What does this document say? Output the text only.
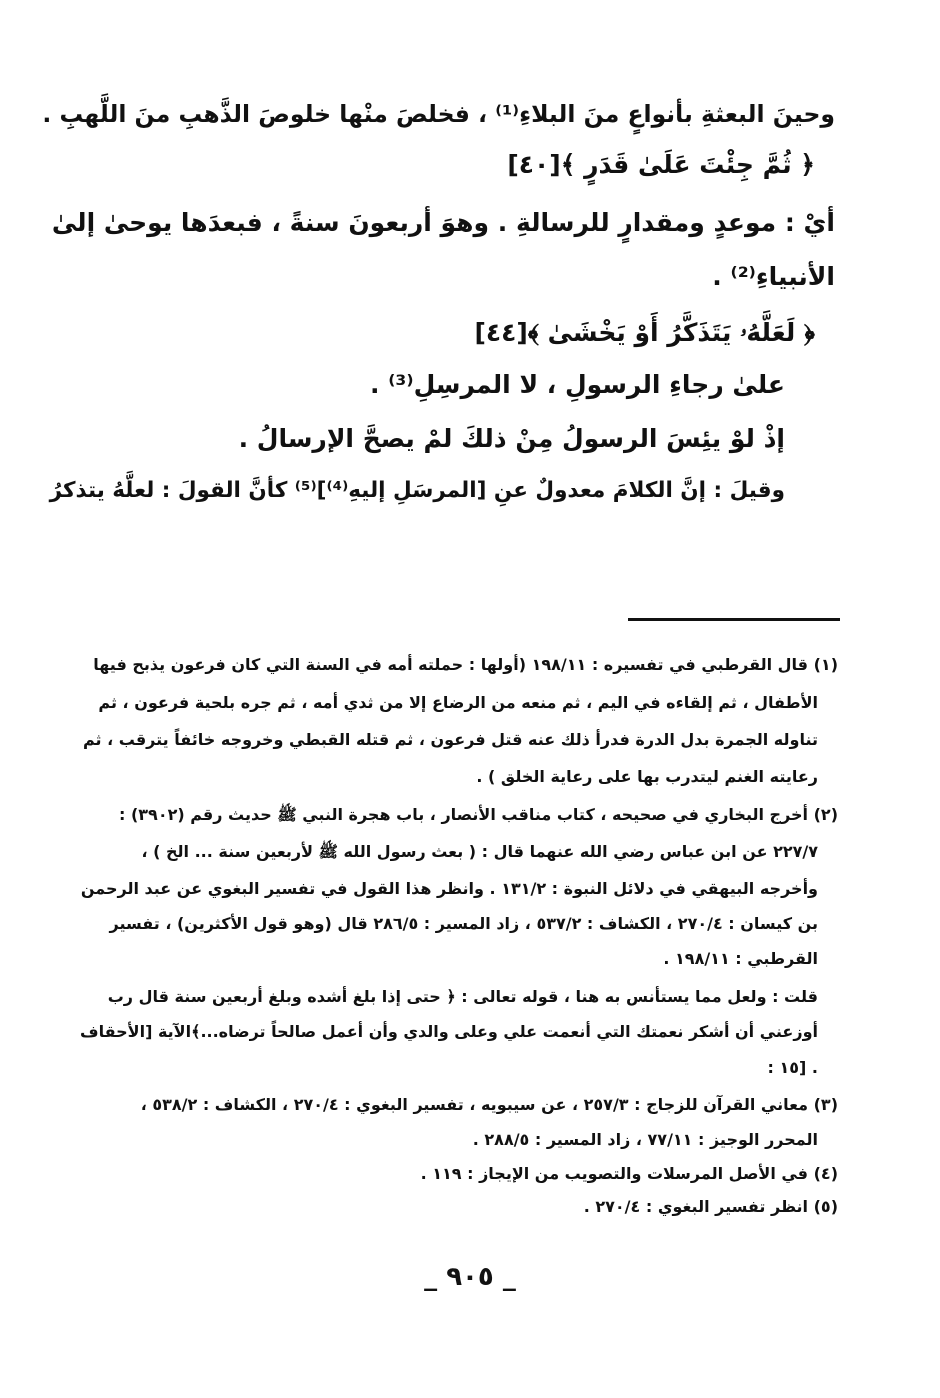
وحينَ البعثةِ بأنواعٍ منَ البلاءِ⁽¹⁾ ، فخلصَ منْها خلوصَ الذَّهبِ منَ اللَّهبِ .
﴿ ثُمَّ جِئْتَ عَلَىٰ قَدَرٍ ﴾[٤٠]
أيْ : موعدٍ ومقدارٍ للرسالةِ . وهوَ أربعونَ سنةً ، فبعدَها يوحىٰ إلىٰ
الأنبياءِ⁽²⁾ .
﴿ لَعَلَّهُۥ يَتَذَكَّرُ أَوْ يَخْشَىٰ ﴾[٤٤]
علىٰ رجاءِ الرسولِ ، لا المرسِلِ⁽³⁾ .
إذْ لوْ يئِسَ الرسولُ مِنْ ذلكَ لمْ يصحَّ الإرسالُ .
وقيلَ : إنَّ الكلامَ معدولٌ عنِ [المرسَلِ إليهِ⁽⁴⁾]⁽⁵⁾ كأنَّ القولَ : لعلَّهُ يتذكرُ
(١) قال القرطبي في تفسيره : ١٩٨/١١ (أولها : حملته أمه في السنة التي كان فرعون يذبح فيها
الأطفال ، ثم إلقاءه في اليم ، ثم منعه من الرضاع إلا من ثدي أمه ، ثم جره بلحية فرعون ، ثم
تناوله الجمرة بدل الدرة فدرأ ذلك عنه قتل فرعون ، ثم قتله القبطي وخروجه خائفاً يترقب ، ثم
رعايته الغنم ليتدرب بها على رعاية الخلق ) .
(٢) أخرج البخاري في صحيحه ، كتاب مناقب الأنصار ، باب هجرة النبي ﷺ حديث رقم (٣٩٠٢) :
٢٢٧/٧ عن ابن عباس رضي الله عنهما قال : ( بعث رسول الله ﷺ لأربعين سنة ... الخ ) ،
وأخرجه البيهقي في دلائل النبوة : ١٣١/٢ . وانظر هذا القول في تفسير البغوي عن عبد الرحمن
بن كيسان : ٢٧٠/٤ ، الكشاف : ٥٣٧/٢ ، زاد المسير : ٢٨٦/٥ قال (وهو قول الأكثرين) ، تفسير
القرطبي : ١٩٨/١١ .
قلت : ولعل مما يستأنس به هنا ، قوله تعالى : ﴿ حتى إذا بلغ أشده وبلغ أربعين سنة قال رب
أوزعني أن أشكر نعمتك التي أنعمت علي وعلى والدي وأن أعمل صالحاً ترضاه...﴾الآية [الأحقاف
: ١٥] .
(٣) معاني القرآن للزجاج : ٢٥٧/٣ ، عن سيبويه ، تفسير البغوي : ٢٧٠/٤ ، الكشاف : ٥٣٨/٢ ،
المحرر الوجيز : ٧٧/١١ ، زاد المسير : ٢٨٨/٥ .
(٤) في الأصل المرسلات والتصويب من الإيجاز : ١١٩ .
(٥) انظر تفسير البغوي : ٢٧٠/٤ .
_ ٩٠٥ _
